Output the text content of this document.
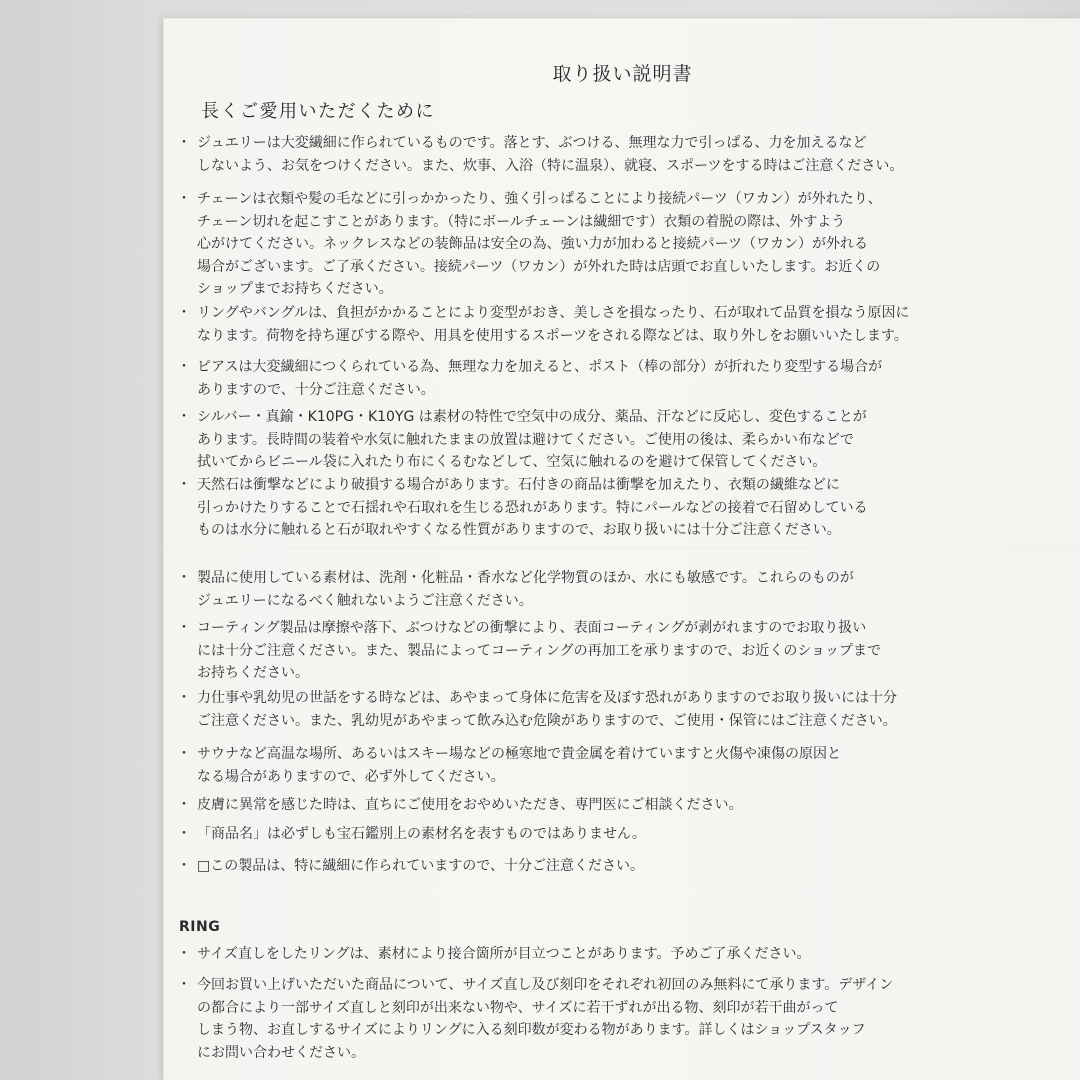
取り扱い説明書
長くご愛用いただくために
・ ジュエリーは大変繊細に作られているものです。落とす、ぶつける、無理な力で引っぱる、力を加えるなど
しないよう、お気をつけください。また、炊事、入浴（特に温泉）、就寝、スポーツをする時はご注意ください。
・ チェーンは衣類や髪の毛などに引っかかったり、強く引っぱることにより接続パーツ（ワカン）が外れたり、
チェーン切れを起こすことがあります。（特にボールチェーンは繊細です）衣類の着脱の際は、外すよう
心がけてください。ネックレスなどの装飾品は安全の為、強い力が加わると接続パーツ（ワカン）が外れる
場合がございます。ご了承ください。接続パーツ（ワカン）が外れた時は店頭でお直しいたします。お近くの
ショップまでお持ちください。
・ リングやバングルは、負担がかかることにより変型がおき、美しさを損なったり、石が取れて品質を損なう原因に
なります。荷物を持ち運びする際や、用具を使用するスポーツをされる際などは、取り外しをお願いいたします。
・ ピアスは大変繊細につくられている為、無理な力を加えると、ポスト（棒の部分）が折れたり変型する場合が
ありますので、十分ご注意ください。
・ シルバー・真鍮・K10PG・K10YG は素材の特性で空気中の成分、薬品、汗などに反応し、変色することが
あります。長時間の装着や水気に触れたままの放置は避けてください。ご使用の後は、柔らかい布などで
拭いてからビニール袋に入れたり布にくるむなどして、空気に触れるのを避けて保管してください。
・ 天然石は衝撃などにより破損する場合があります。石付きの商品は衝撃を加えたり、衣類の繊維などに
引っかけたりすることで石揺れや石取れを生じる恐れがあります。特にパールなどの接着で石留めしている
ものは水分に触れると石が取れやすくなる性質がありますので、お取り扱いには十分ご注意ください。
・ 製品に使用している素材は、洗剤・化粧品・香水など化学物質のほか、水にも敏感です。これらのものが
ジュエリーになるべく触れないようご注意ください。
・ コーティング製品は摩擦や落下、ぶつけなどの衝撃により、表面コーティングが剥がれますのでお取り扱い
には十分ご注意ください。また、製品によってコーティングの再加工を承りますので、お近くのショップまで
お持ちください。
・ 力仕事や乳幼児の世話をする時などは、あやまって身体に危害を及ぼす恐れがありますのでお取り扱いには十分
ご注意ください。また、乳幼児があやまって飲み込む危険がありますので、ご使用・保管にはご注意ください。
・ サウナなど高温な場所、あるいはスキー場などの極寒地で貴金属を着けていますと火傷や凍傷の原因と
なる場合がありますので、必ず外してください。
・ 皮膚に異常を感じた時は、直ちにご使用をおやめいただき、専門医にご相談ください。
・ 「商品名」は必ずしも宝石鑑別上の素材名を表すものではありません。
・ □この製品は、特に繊細に作られていますので、十分ご注意ください。
RING
・ サイズ直しをしたリングは、素材により接合箇所が目立つことがあります。予めご了承ください。
・ 今回お買い上げいただいた商品について、サイズ直し及び刻印をそれぞれ初回のみ無料にて承ります。デザイン
の都合により一部サイズ直しと刻印が出来ない物や、サイズに若干ずれが出る物、刻印が若干曲がって
しまう物、お直しするサイズによりリングに入る刻印数が変わる物があります。詳しくはショップスタッフ
にお問い合わせください。
